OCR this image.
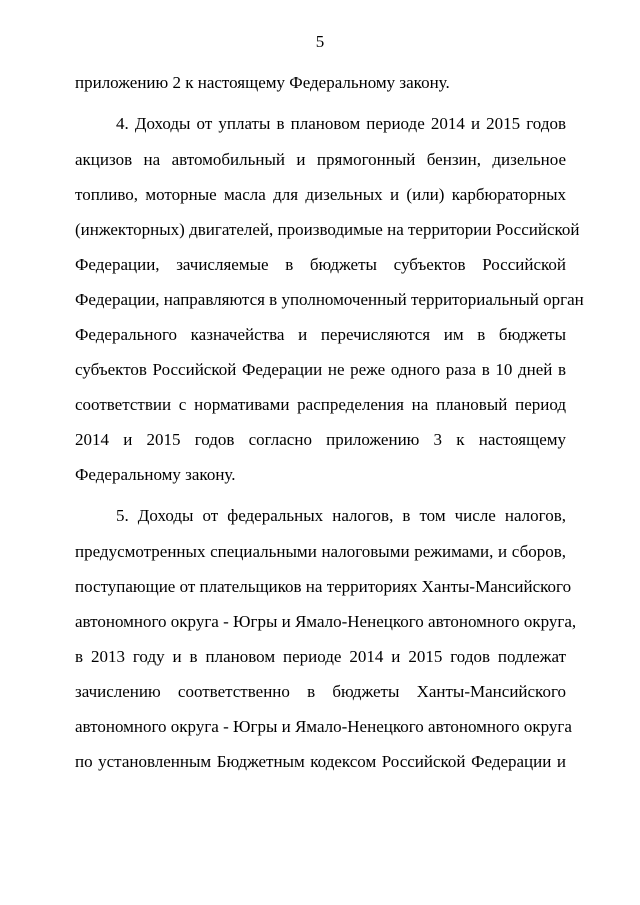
5
приложению 2 к настоящему Федеральному закону.
4. Доходы от уплаты в плановом периоде 2014 и 2015 годов
акцизов на автомобильный и прямогонный бензин, дизельное
топливо, моторные масла для дизельных и (или) карбюраторных
(инжекторных) двигателей, производимые на территории Российской
Федерации, зачисляемые в бюджеты субъектов Российской
Федерации, направляются в уполномоченный территориальный орган
Федерального казначейства и перечисляются им в бюджеты
субъектов Российской Федерации не реже одного раза в 10 дней в
соответствии с нормативами распределения на плановый период
2014 и 2015 годов согласно приложению 3 к настоящему
Федеральному закону.
5. Доходы от федеральных налогов, в том числе налогов,
предусмотренных специальными налоговыми режимами, и сборов,
поступающие от плательщиков на территориях Ханты-Мансийского
автономного округа - Югры и Ямало-Ненецкого автономного округа,
в 2013 году и в плановом периоде 2014 и 2015 годов подлежат
зачислению соответственно в бюджеты Ханты-Мансийского
автономного округа - Югры и Ямало-Ненецкого автономного округа
по установленным Бюджетным кодексом Российской Федерации и
